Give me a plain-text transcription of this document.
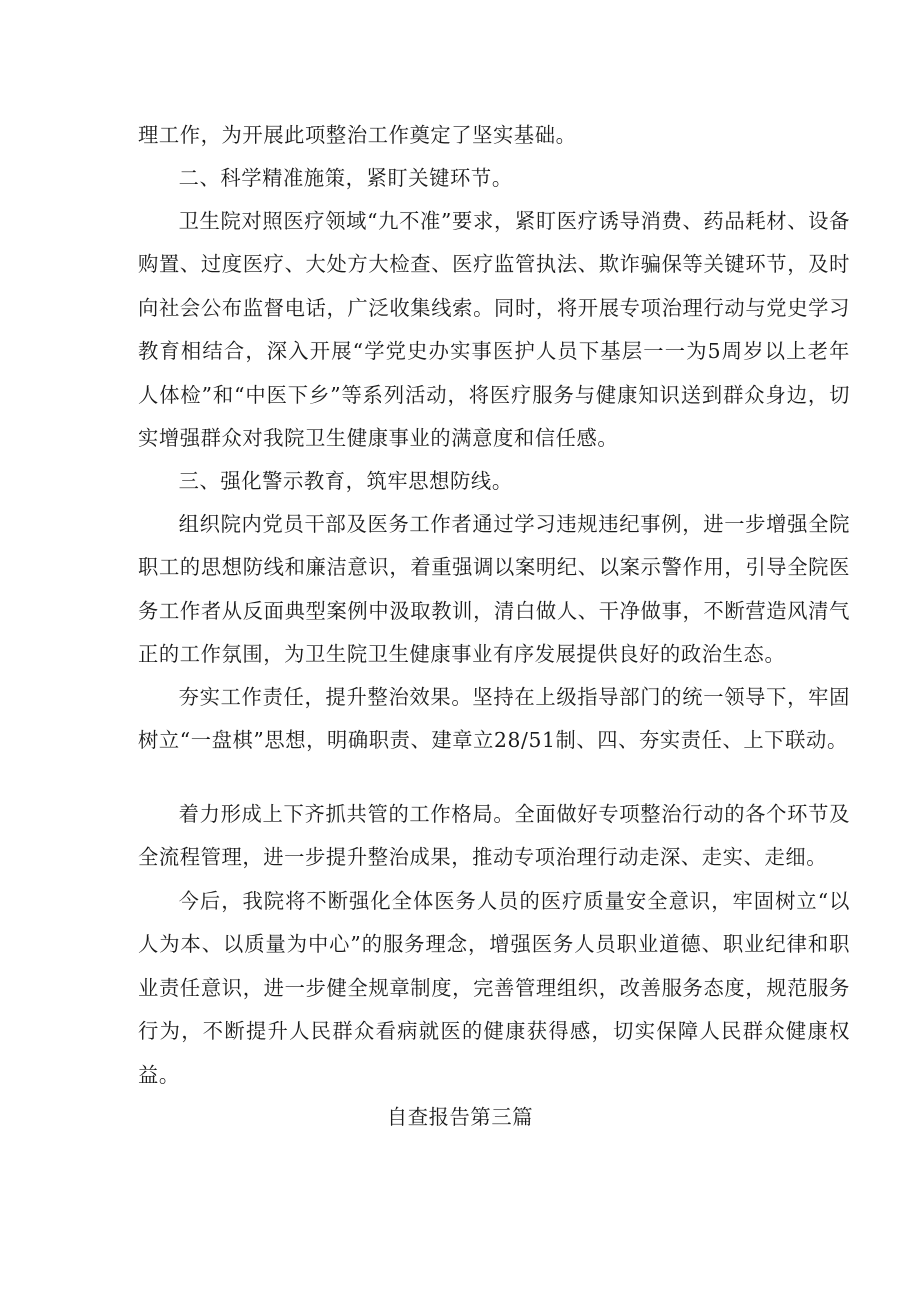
理工作，为开展此项整治工作奠定了坚实基础。

二、科学精准施策，紧盯关键环节。

卫生院对照医疗领域“九不准”要求，紧盯医疗诱导消费、药品耗材、设备购置、过度医疗、大处方大检查、医疗监管执法、欺诈骗保等关键环节，及时向社会公布监督电话，广泛收集线索。同时，将开展专项治理行动与党史学习教育相结合，深入开展“学党史办实事医护人员下基层一一为5周岁以上老年人体检”和“中医下乡”等系列活动，将医疗服务与健康知识送到群众身边，切实增强群众对我院卫生健康事业的满意度和信任感。

三、强化警示教育，筑牢思想防线。

组织院内党员干部及医务工作者通过学习违规违纪事例，进一步增强全院职工的思想防线和廉洁意识，着重强调以案明纪、以案示警作用，引导全院医务工作者从反面典型案例中汲取教训，清白做人、干净做事，不断营造风清气正的工作氛围，为卫生院卫生健康事业有序发展提供良好的政治生态。

夯实工作责任，提升整治效果。坚持在上级指导部门的统一领导下，牢固树立“一盘棋”思想，明确职责、建章立28/51制、四、夯实责任、上下联动。

着力形成上下齐抓共管的工作格局。全面做好专项整治行动的各个环节及全流程管理，进一步提升整治成果，推动专项治理行动走深、走实、走细。

今后，我院将不断强化全体医务人员的医疗质量安全意识，牢固树立“以人为本、以质量为中心”的服务理念，增强医务人员职业道德、职业纪律和职业责任意识，进一步健全规章制度，完善管理组织，改善服务态度，规范服务行为，不断提升人民群众看病就医的健康获得感，切实保障人民群众健康权益。

自查报告第三篇
